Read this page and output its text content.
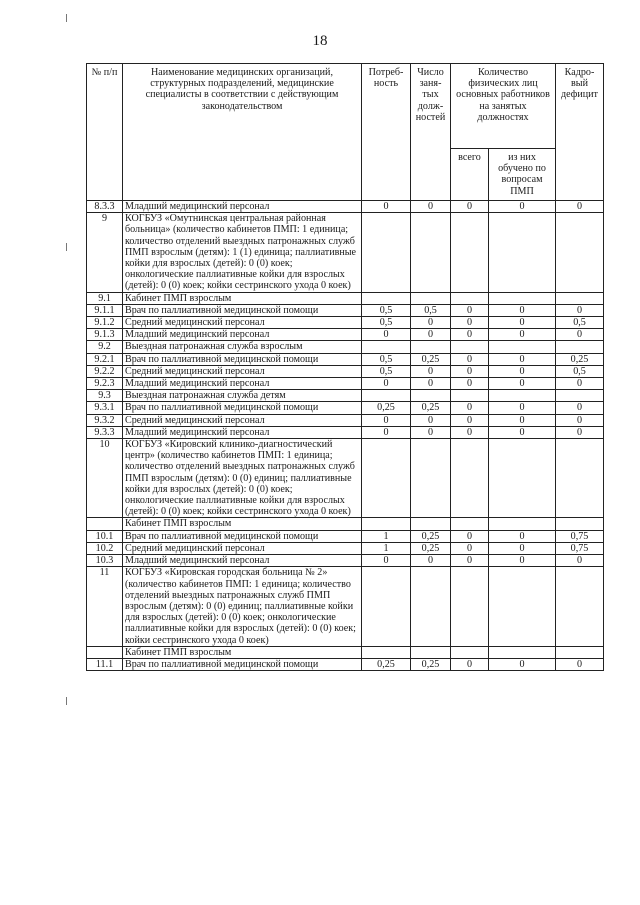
18
№ п/п	Наименование медицинских организаций, структурных подразделений, медицинские специалисты в соответствии с действующим законодательством	Потреб-ность	Число заня-тых долж-ностей	Количество физических лиц основных работников на занятых должностях		Кадро-вый дефицит
				всего	из них обучено по вопросам ПМП	
8.3.3	Младший медицинский персонал	0	0	0	0	0
9	КОГБУЗ «Омутнинская центральная районная больница» (количество кабинетов ПМП: 1 единица; количество отделений выездных патронажных служб ПМП взрослым (детям): 1 (1) единица; паллиативные койки для взрослых (детей): 0 (0) коек; онкологические паллиативные койки для взрослых (детей): 0 (0) коек; койки сестринского ухода 0 коек)					
9.1	Кабинет ПМП взрослым					
9.1.1	Врач по паллиативной медицинской помощи	0,5	0,5	0	0	0
9.1.2	Средний медицинский персонал	0,5	0	0	0	0,5
9.1.3	Младший медицинский персонал	0	0	0	0	0
9.2	Выездная патронажная служба взрослым					
9.2.1	Врач по паллиативной медицинской помощи	0,5	0,25	0	0	0,25
9.2.2	Средний медицинский персонал	0,5	0	0	0	0,5
9.2.3	Младший медицинский персонал	0	0	0	0	0
9.3	Выездная патронажная служба детям					
9.3.1	Врач по паллиативной медицинской помощи	0,25	0,25	0	0	0
9.3.2	Средний медицинский персонал	0	0	0	0	0
9.3.3	Младший медицинский персонал	0	0	0	0	0
10	КОГБУЗ «Кировский клинико-диагностический центр» (количество кабинетов ПМП: 1 единица; количество отделений выездных патронажных служб ПМП взрослым (детям): 0 (0) единиц; паллиативные койки для взрослых (детей): 0 (0) коек; онкологические паллиативные койки для взрослых (детей): 0 (0) коек; койки сестринского ухода 0 коек)					
	Кабинет ПМП взрослым					
10.1	Врач по паллиативной медицинской помощи	1	0,25	0	0	0,75
10.2	Средний медицинский персонал	1	0,25	0	0	0,75
10.3	Младший медицинский персонал	0	0	0	0	0
11	КОГБУЗ «Кировская городская больница № 2» (количество кабинетов ПМП: 1 единица; количество отделений выездных патронажных служб ПМП взрослым (детям): 0 (0) единиц; паллиативные койки для взрослых (детей): 0 (0) коек; онкологические паллиативные койки для взрослых (детей): 0 (0) коек; койки сестринского ухода 0 коек)					
	Кабинет ПМП взрослым					
11.1	Врач по паллиативной медицинской помощи	0,25	0,25	0	0	0
